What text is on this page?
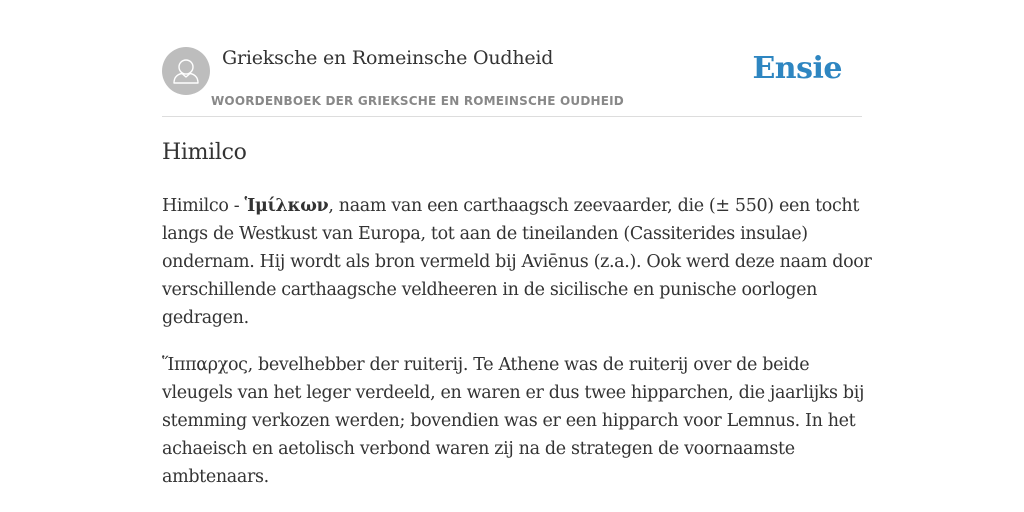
Grieksche en Romeinsche Oudheid
WOORDENBOEK DER GRIEKSCHE EN ROMEINSCHE OUDHEID
Ensie
Himilco

Himilco - Ἱμίλκων, naam van een carthaagsch zeevaarder, die (± 550) een tocht langs de Westkust van Europa, tot aan de tineilanden (Cassiterides insulae) ondernam. Hij wordt als bron vermeld bij Aviēnus (z.a.). Ook werd deze naam door verschillende carthaagsche veldheeren in de sicilische en punische oorlogen gedragen.

Ἵππαρχος, bevelhebber der ruiterij. Te Athene was de ruiterij over de beide vleugels van het leger verdeeld, en waren er dus twee hipparchen, die jaarlijks bij stemming verkozen werden; bovendien was er een hipparch voor Lemnus. In het achaeisch en aetolisch verbond waren zij na de strategen de voornaamste ambtenaars.
